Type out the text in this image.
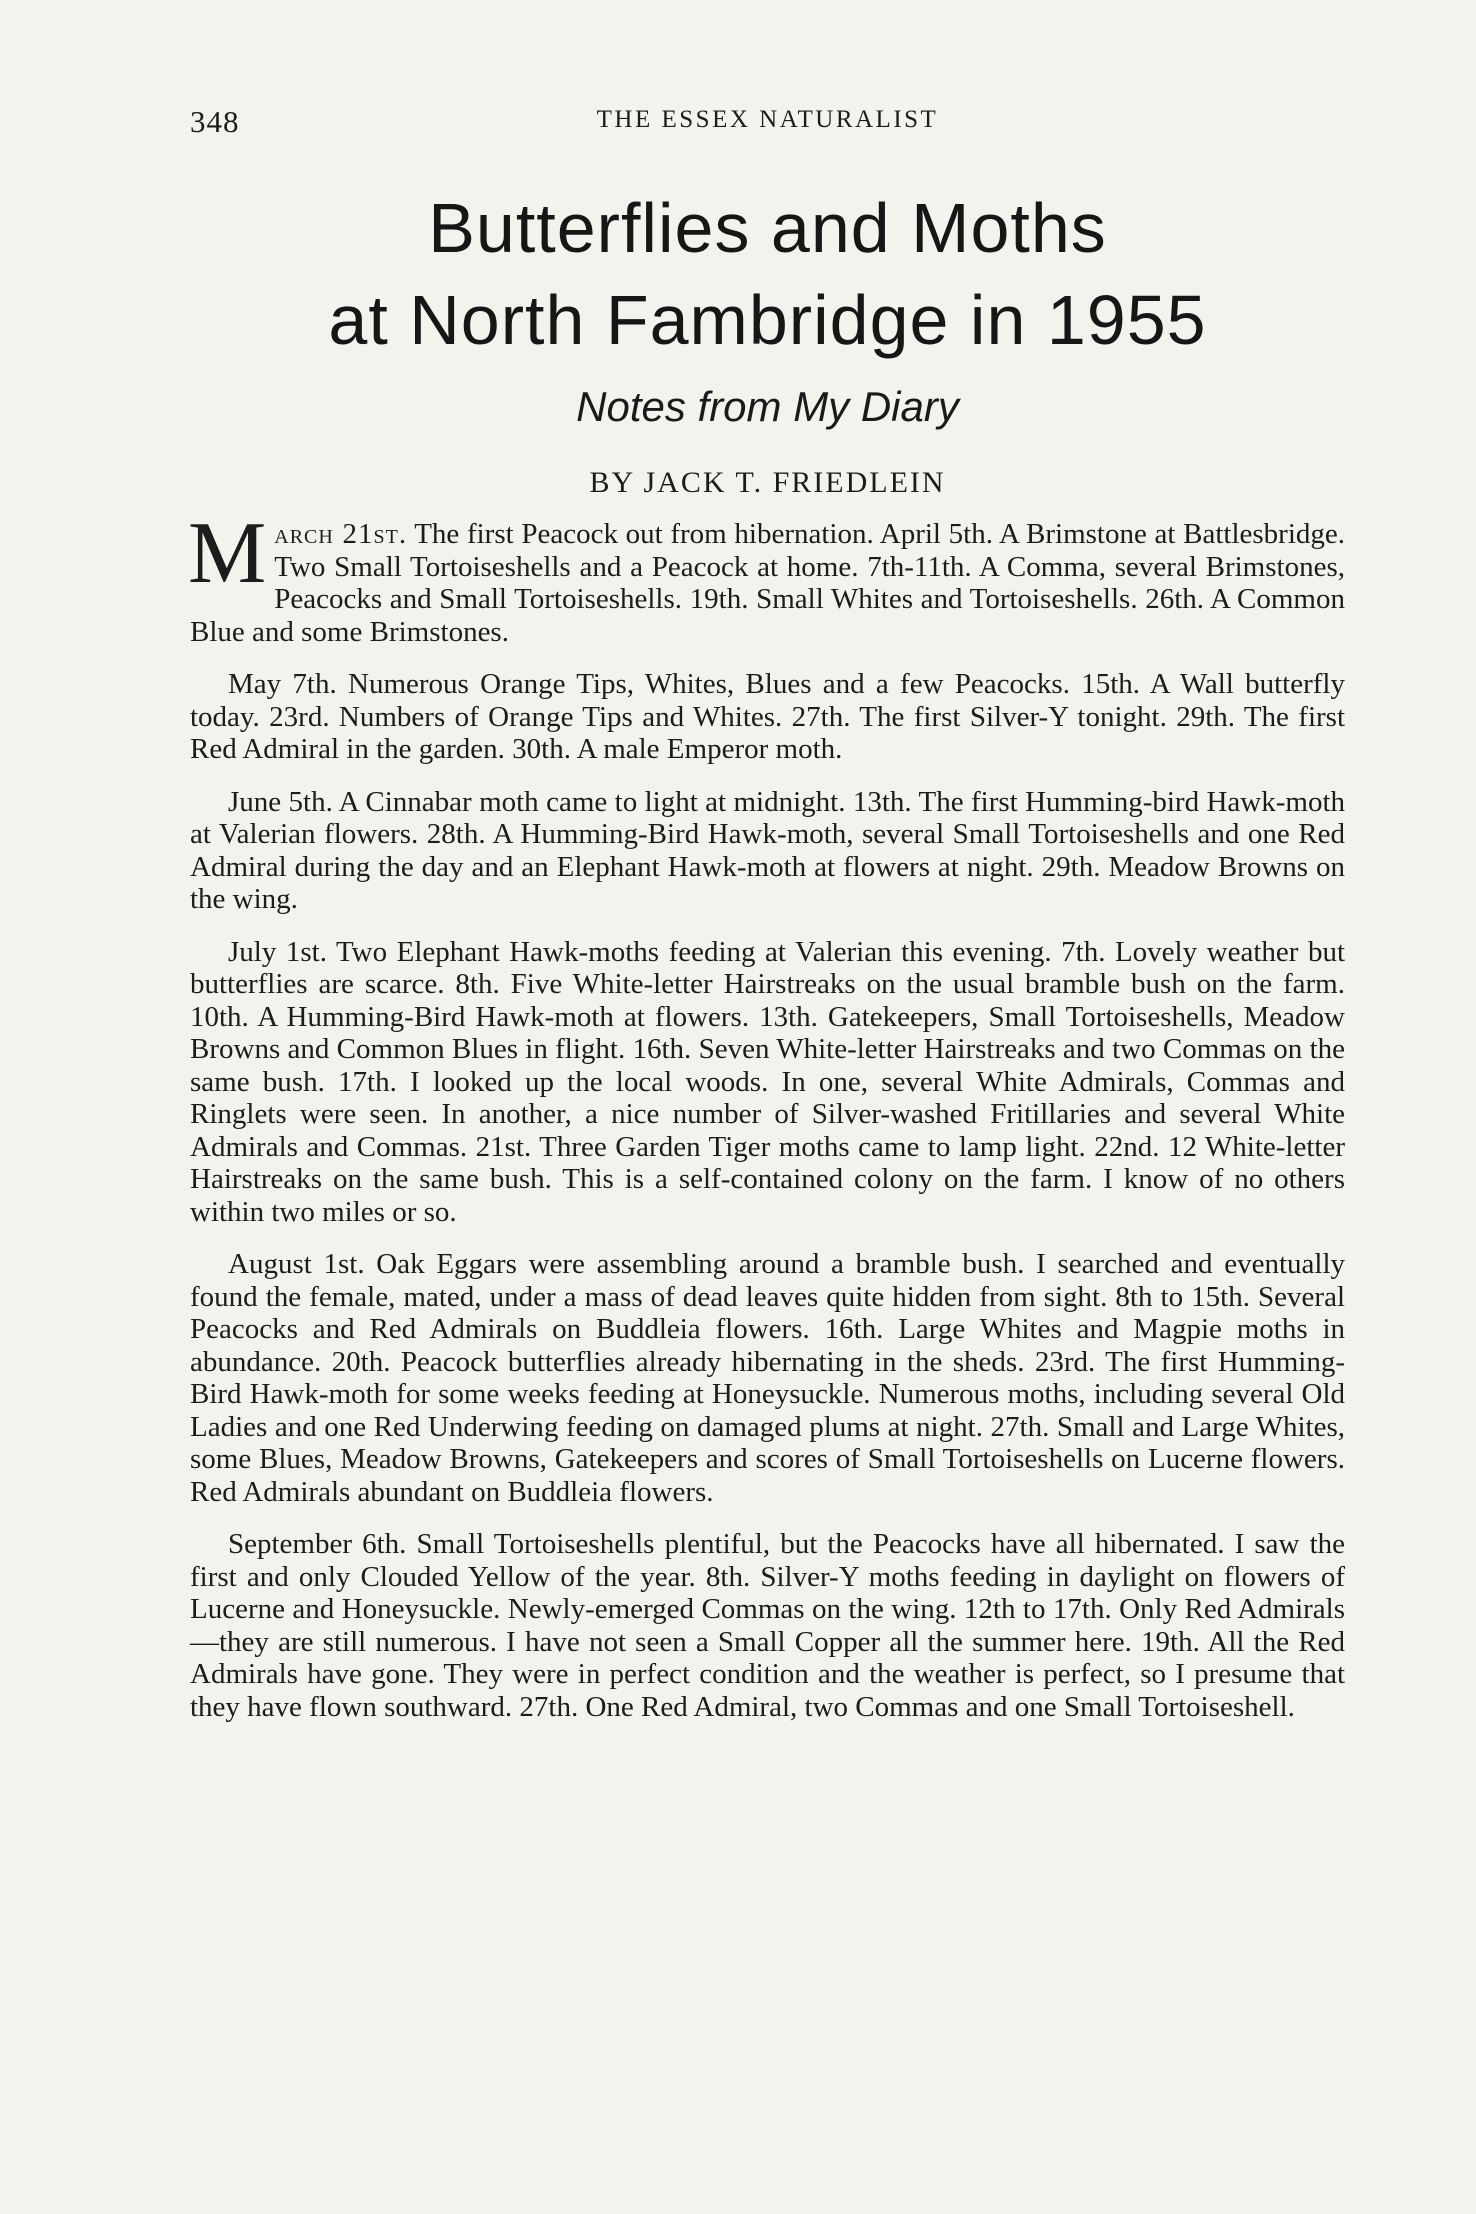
348	THE ESSEX NATURALIST
Butterflies and Moths
at North Fambridge in 1955
Notes from My Diary
BY JACK T. FRIEDLEIN

March 21st. The first Peacock out from hibernation. April 5th. A Brimstone at Battlesbridge. Two Small Tortoiseshells and a Peacock at home. 7th-11th. A Comma, several Brimstones, Peacocks and Small Tortoiseshells. 19th. Small Whites and Tortoiseshells. 26th. A Common Blue and some Brimstones.

May 7th. Numerous Orange Tips, Whites, Blues and a few Peacocks. 15th. A Wall butterfly today. 23rd. Numbers of Orange Tips and Whites. 27th. The first Silver-Y tonight. 29th. The first Red Admiral in the garden. 30th. A male Emperor moth.

June 5th. A Cinnabar moth came to light at midnight. 13th. The first Humming-bird Hawk-moth at Valerian flowers. 28th. A Humming-Bird Hawk-moth, several Small Tortoiseshells and one Red Admiral during the day and an Elephant Hawk-moth at flowers at night. 29th. Meadow Browns on the wing.

July 1st. Two Elephant Hawk-moths feeding at Valerian this evening. 7th. Lovely weather but butterflies are scarce. 8th. Five White-letter Hairstreaks on the usual bramble bush on the farm. 10th. A Humming-Bird Hawk-moth at flowers. 13th. Gatekeepers, Small Tortoiseshells, Meadow Browns and Common Blues in flight. 16th. Seven White-letter Hairstreaks and two Commas on the same bush. 17th. I looked up the local woods. In one, several White Admirals, Commas and Ringlets were seen. In another, a nice number of Silver-washed Fritillaries and several White Admirals and Commas. 21st. Three Garden Tiger moths came to lamp light. 22nd. 12 White-letter Hairstreaks on the same bush. This is a self-contained colony on the farm. I know of no others within two miles or so.

August 1st. Oak Eggars were assembling around a bramble bush. I searched and eventually found the female, mated, under a mass of dead leaves quite hidden from sight. 8th to 15th. Several Peacocks and Red Admirals on Buddleia flowers. 16th. Large Whites and Magpie moths in abundance. 20th. Peacock butterflies already hibernating in the sheds. 23rd. The first Humming-Bird Hawk-moth for some weeks feeding at Honeysuckle. Numerous moths, including several Old Ladies and one Red Underwing feeding on damaged plums at night. 27th. Small and Large Whites, some Blues, Meadow Browns, Gatekeepers and scores of Small Tortoiseshells on Lucerne flowers. Red Admirals abundant on Buddleia flowers.

September 6th. Small Tortoiseshells plentiful, but the Peacocks have all hibernated. I saw the first and only Clouded Yellow of the year. 8th. Silver-Y moths feeding in daylight on flowers of Lucerne and Honeysuckle. Newly-emerged Commas on the wing. 12th to 17th. Only Red Admirals —they are still numerous. I have not seen a Small Copper all the summer here. 19th. All the Red Admirals have gone. They were in perfect condition and the weather is perfect, so I presume that they have flown southward. 27th. One Red Admiral, two Commas and one Small Tortoiseshell.
